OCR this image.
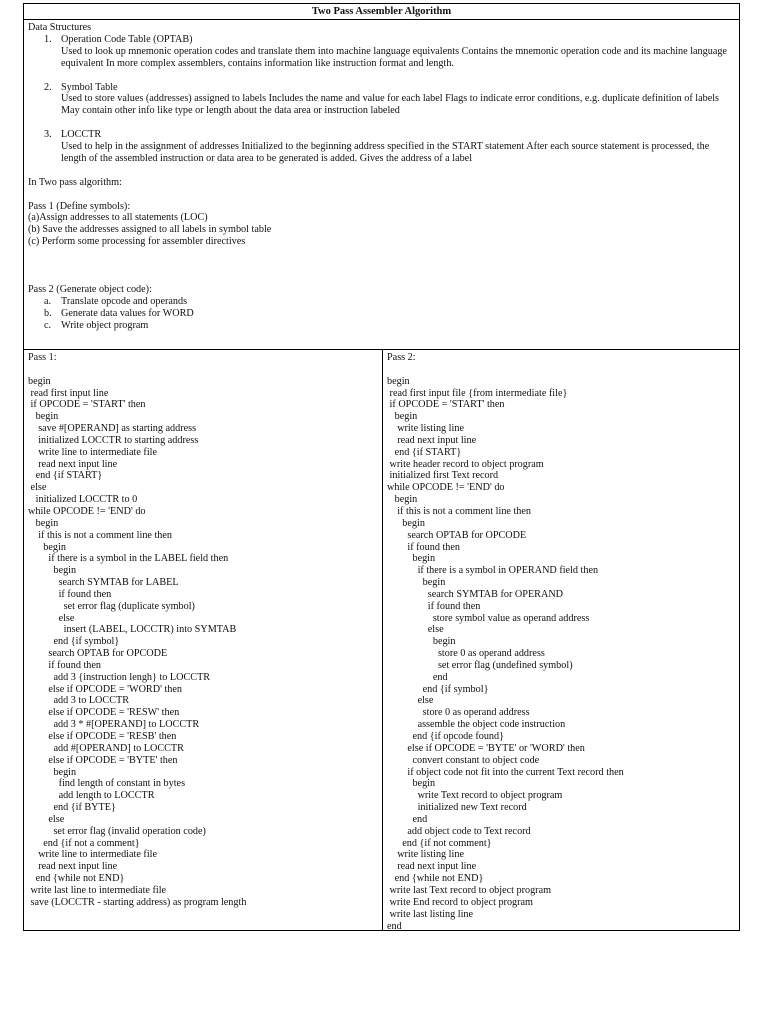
Two Pass Assembler Algorithm

Data Structures

1. Operation Code Table (OPTAB)
Used to look up mnemonic operation codes and translate them into machine language equivalents Contains the mnemonic operation code and its machine language equivalent In more complex assemblers, contains information like instruction format and length.
2. Symbol Table
Used to store values (addresses) assigned to labels Includes the name and value for each label Flags to indicate error conditions, e.g. duplicate definition of labels
May contain other info like type or length about the data area or instruction labeled
3. LOCCTR
Used to help in the assignment of addresses Initialized to the beginning address specified in the START statement After each source statement is processed, the length of the assembled instruction or data area to be generated is added. Gives the address of a label

In Two pass algorithm:

Pass 1 (Define symbols):

(a)Assign addresses to all statements (LOC)

(b) Save the addresses assigned to all labels in symbol table

(c) Perform some processing for assembler directives

Pass 2 (Generate object code):

a. Translate opcode and operands
b. Generate data values for WORD
c. Write object program
Pass 1:
begin
read first input line
if OPCODE = 'START' then
begin
save #[OPERAND] as starting address
initialized LOCCTR to starting address
write line to intermediate file
read next input line
end {if START}
else
initialized LOCCTR to 0
while OPCODE != 'END' do
begin
if this is not a comment line then
begin
if there is a symbol in the LABEL field then
begin
search SYMTAB for LABEL
if found then
set error flag (duplicate symbol)
else
insert (LABEL, LOCCTR) into SYMTAB
end {if symbol}
search OPTAB for OPCODE
if found then
add 3 {instruction lengh} to LOCCTR
else if OPCODE = 'WORD' then
add 3 to LOCCTR
else if OPCODE = 'RESW' then
add 3 * #[OPERAND] to LOCCTR
else if OPCODE = 'RESB' then
add #[OPERAND] to LOCCTR
else if OPCODE = 'BYTE' then
begin
find length of constant in bytes
add length to LOCCTR
end {if BYTE}
else
set error flag (invalid operation code)
end {if not a comment}
write line to intermediate file
read next input line
end {while not END}
write last line to intermediate file
save (LOCCTR - starting address) as program length
Pass 2:
begin
read first input file {from intermediate file}
if OPCODE = 'START' then
begin
write listing line
read next input line
end {if START}
write header record to object program
initialized first Text record
while OPCODE != 'END' do
begin
if this is not a comment line then
begin
search OPTAB for OPCODE
if found then
begin
if there is a symbol in OPERAND field then
begin
search SYMTAB for OPERAND
if found then
store symbol value as operand address
else
begin
store 0 as operand address
set error flag (undefined symbol)
end
end {if symbol}
else
store 0 as operand address
assemble the object code instruction
end {if opcode found}
else if OPCODE = 'BYTE' or 'WORD' then
convert constant to object code
if object code not fit into the current Text record then
begin
write Text record to object program
initialized new Text record
end
add object code to Text record
end {if not comment}
write listing line
read next input line
end {while not END}
write last Text record to object program
write End record to object program
write last listing line
end
